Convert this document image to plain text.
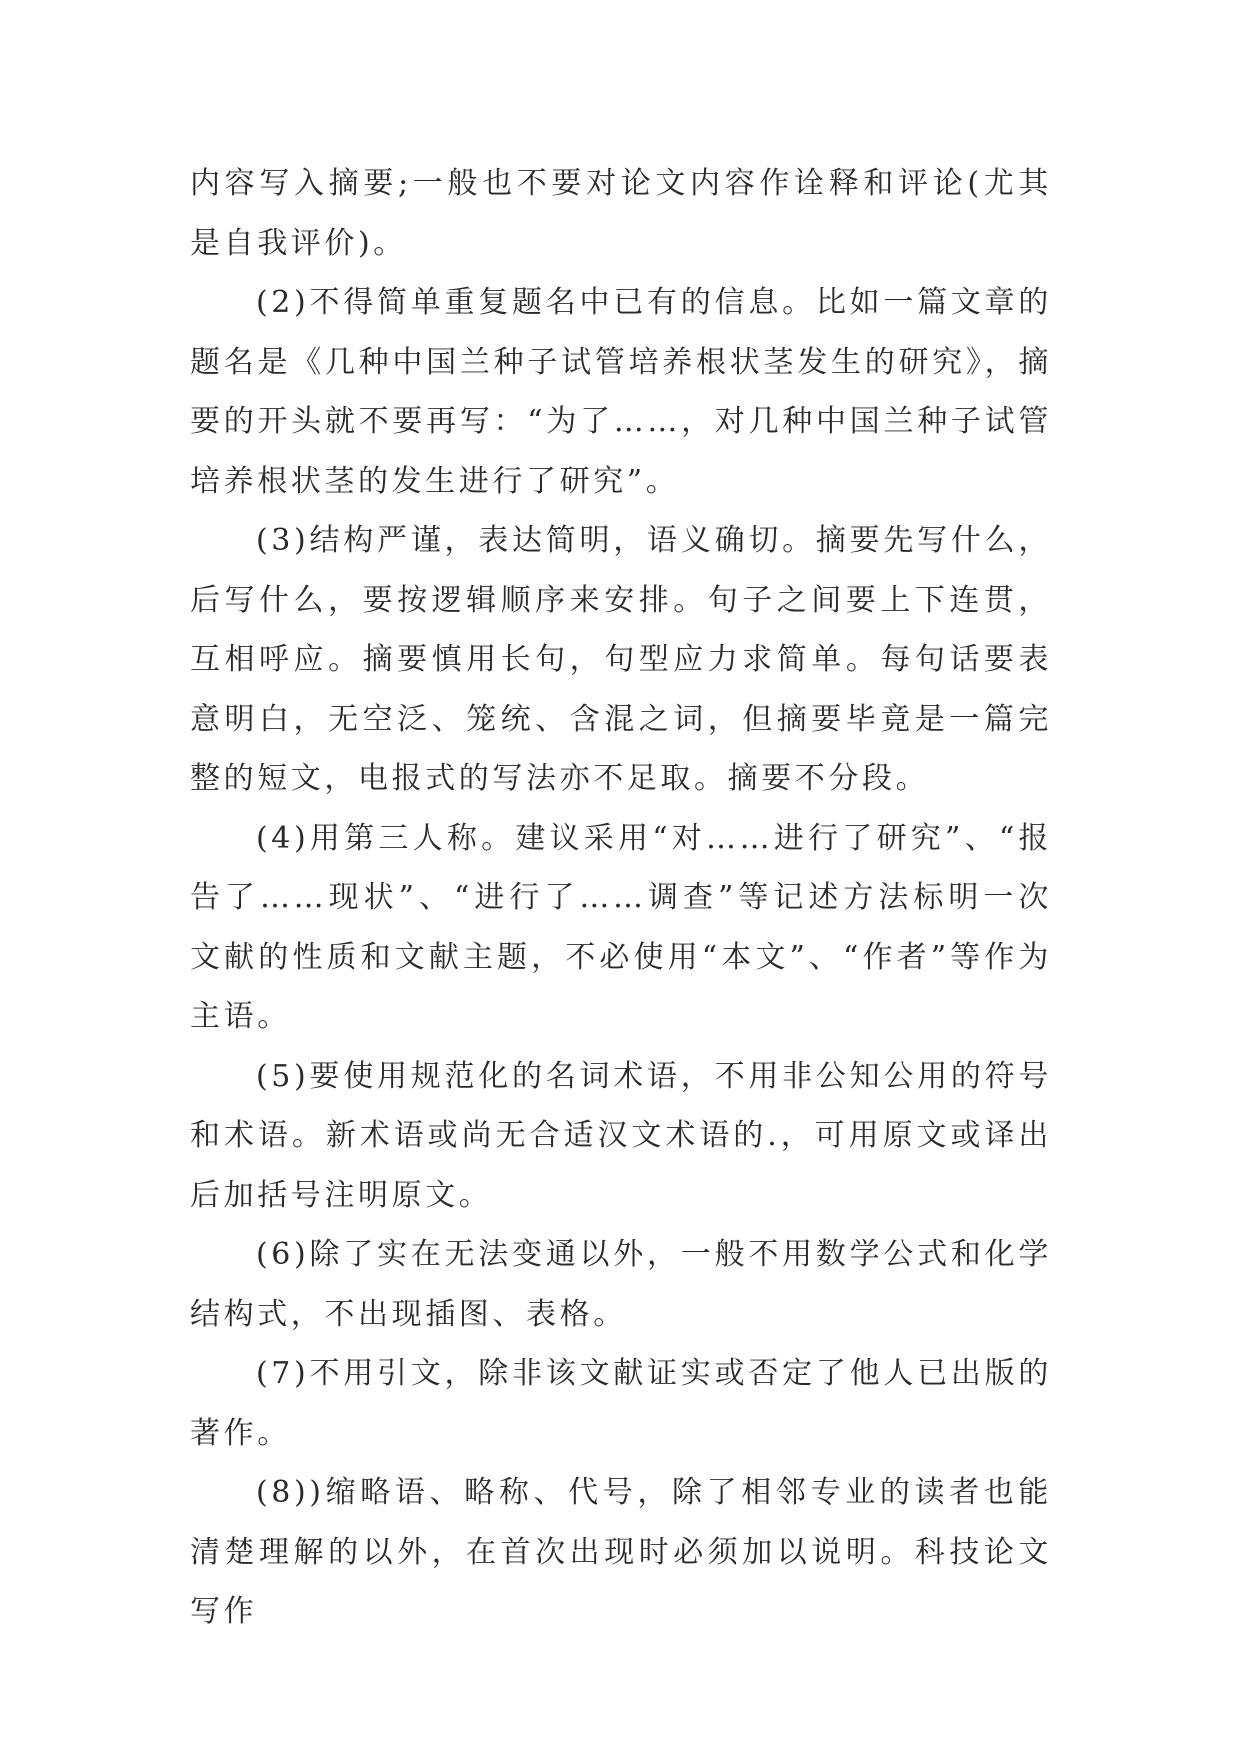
内容写入摘要;一般也不要对论文内容作诠释和评论(尤其是自我评价)。

(2)不得简单重复题名中已有的信息。比如一篇文章的题名是《几种中国兰种子试管培养根状茎发生的研究》，摘要的开头就不要再写：“为了……，对几种中国兰种子试管培养根状茎的发生进行了研究”。

(3)结构严谨，表达简明，语义确切。摘要先写什么，后写什么，要按逻辑顺序来安排。句子之间要上下连贯，互相呼应。摘要慎用长句，句型应力求简单。每句话要表意明白，无空泛、笼统、含混之词，但摘要毕竟是一篇完整的短文，电报式的写法亦不足取。摘要不分段。

(4)用第三人称。建议采用“对……进行了研究”、“报告了……现状”、“进行了……调查”等记述方法标明一次文献的性质和文献主题，不必使用“本文”、“作者”等作为主语。

(5)要使用规范化的名词术语，不用非公知公用的符号和术语。新术语或尚无合适汉文术语的.，可用原文或译出后加括号注明原文。

(6)除了实在无法变通以外，一般不用数学公式和化学结构式，不出现插图、表格。

(7)不用引文，除非该文献证实或否定了他人已出版的著作。

(8))缩略语、略称、代号，除了相邻专业的读者也能清楚理解的以外，在首次出现时必须加以说明。科技论文写作
